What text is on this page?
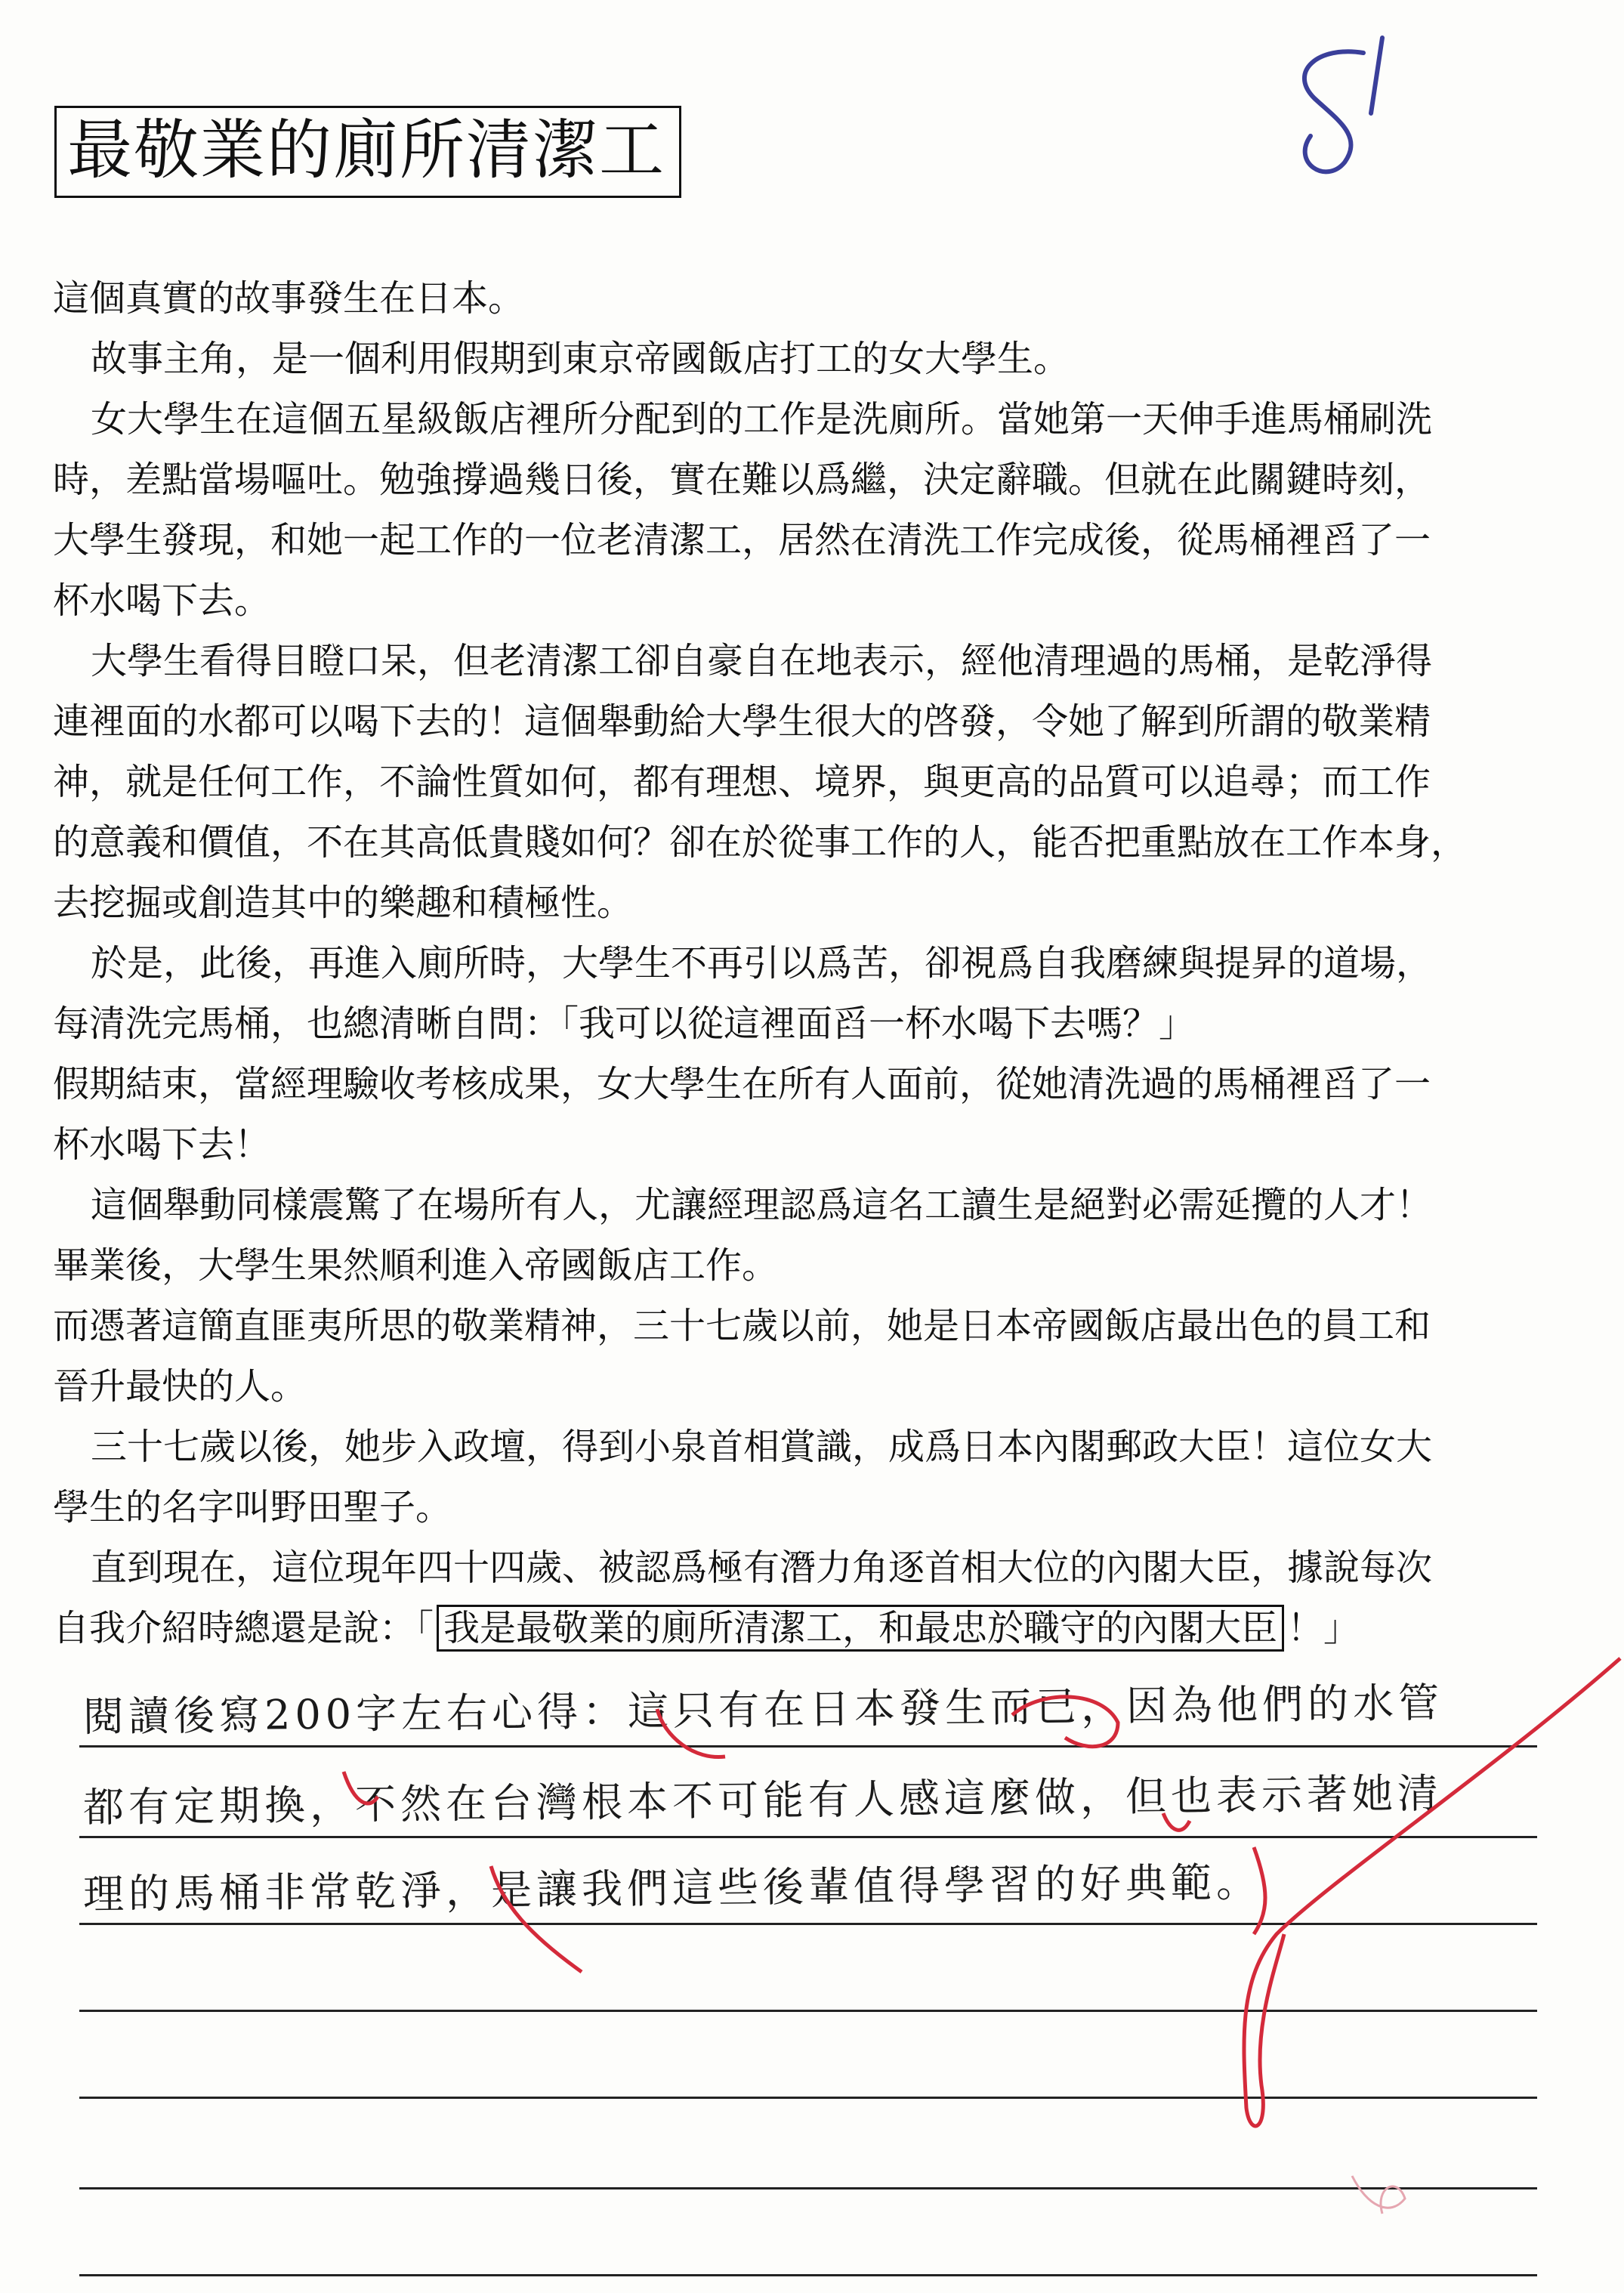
最敬業的廁所清潔工
這個真實的故事發生在日本。
故事主角，是一個利用假期到東京帝國飯店打工的女大學生。
女大學生在這個五星級飯店裡所分配到的工作是洗廁所。當她第一天伸手進馬桶刷洗
時，差點當場嘔吐。勉強撐過幾日後，實在難以爲繼，決定辭職。但就在此關鍵時刻，
大學生發現，和她一起工作的一位老清潔工，居然在清洗工作完成後，從馬桶裡舀了一
杯水喝下去。
大學生看得目瞪口呆，但老清潔工卻自豪自在地表示，經他清理過的馬桶，是乾淨得
連裡面的水都可以喝下去的！這個舉動給大學生很大的啓發，令她了解到所謂的敬業精
神，就是任何工作，不論性質如何，都有理想、境界，與更高的品質可以追尋；而工作
的意義和價值，不在其高低貴賤如何？卻在於從事工作的人，能否把重點放在工作本身，
去挖掘或創造其中的樂趣和積極性。
於是，此後，再進入廁所時，大學生不再引以爲苦，卻視爲自我磨練與提昇的道場，
每清洗完馬桶，也總清晰自問：「我可以從這裡面舀一杯水喝下去嗎？」
假期結束，當經理驗收考核成果，女大學生在所有人面前，從她清洗過的馬桶裡舀了一
杯水喝下去！
這個舉動同樣震驚了在場所有人，尤讓經理認爲這名工讀生是絕對必需延攬的人才！
畢業後，大學生果然順利進入帝國飯店工作。
而憑著這簡直匪夷所思的敬業精神，三十七歲以前，她是日本帝國飯店最出色的員工和
晉升最快的人。
三十七歲以後，她步入政壇，得到小泉首相賞識，成爲日本內閣郵政大臣！這位女大
學生的名字叫野田聖子。
直到現在，這位現年四十四歲、被認爲極有潛力角逐首相大位的內閣大臣，據說每次
自我介紹時總還是說：「 我是最敬業的廁所清潔工，和最忠於職守的內閣大臣 ！」
閱讀後寫200字左右心得：這只有在日本發生而已，因為他們的水管
都有定期換，不然在台灣根本不可能有人感這麼做，但也表示著她清
理的馬桶非常乾淨，是讓我們這些後輩值得學習的好典範。
